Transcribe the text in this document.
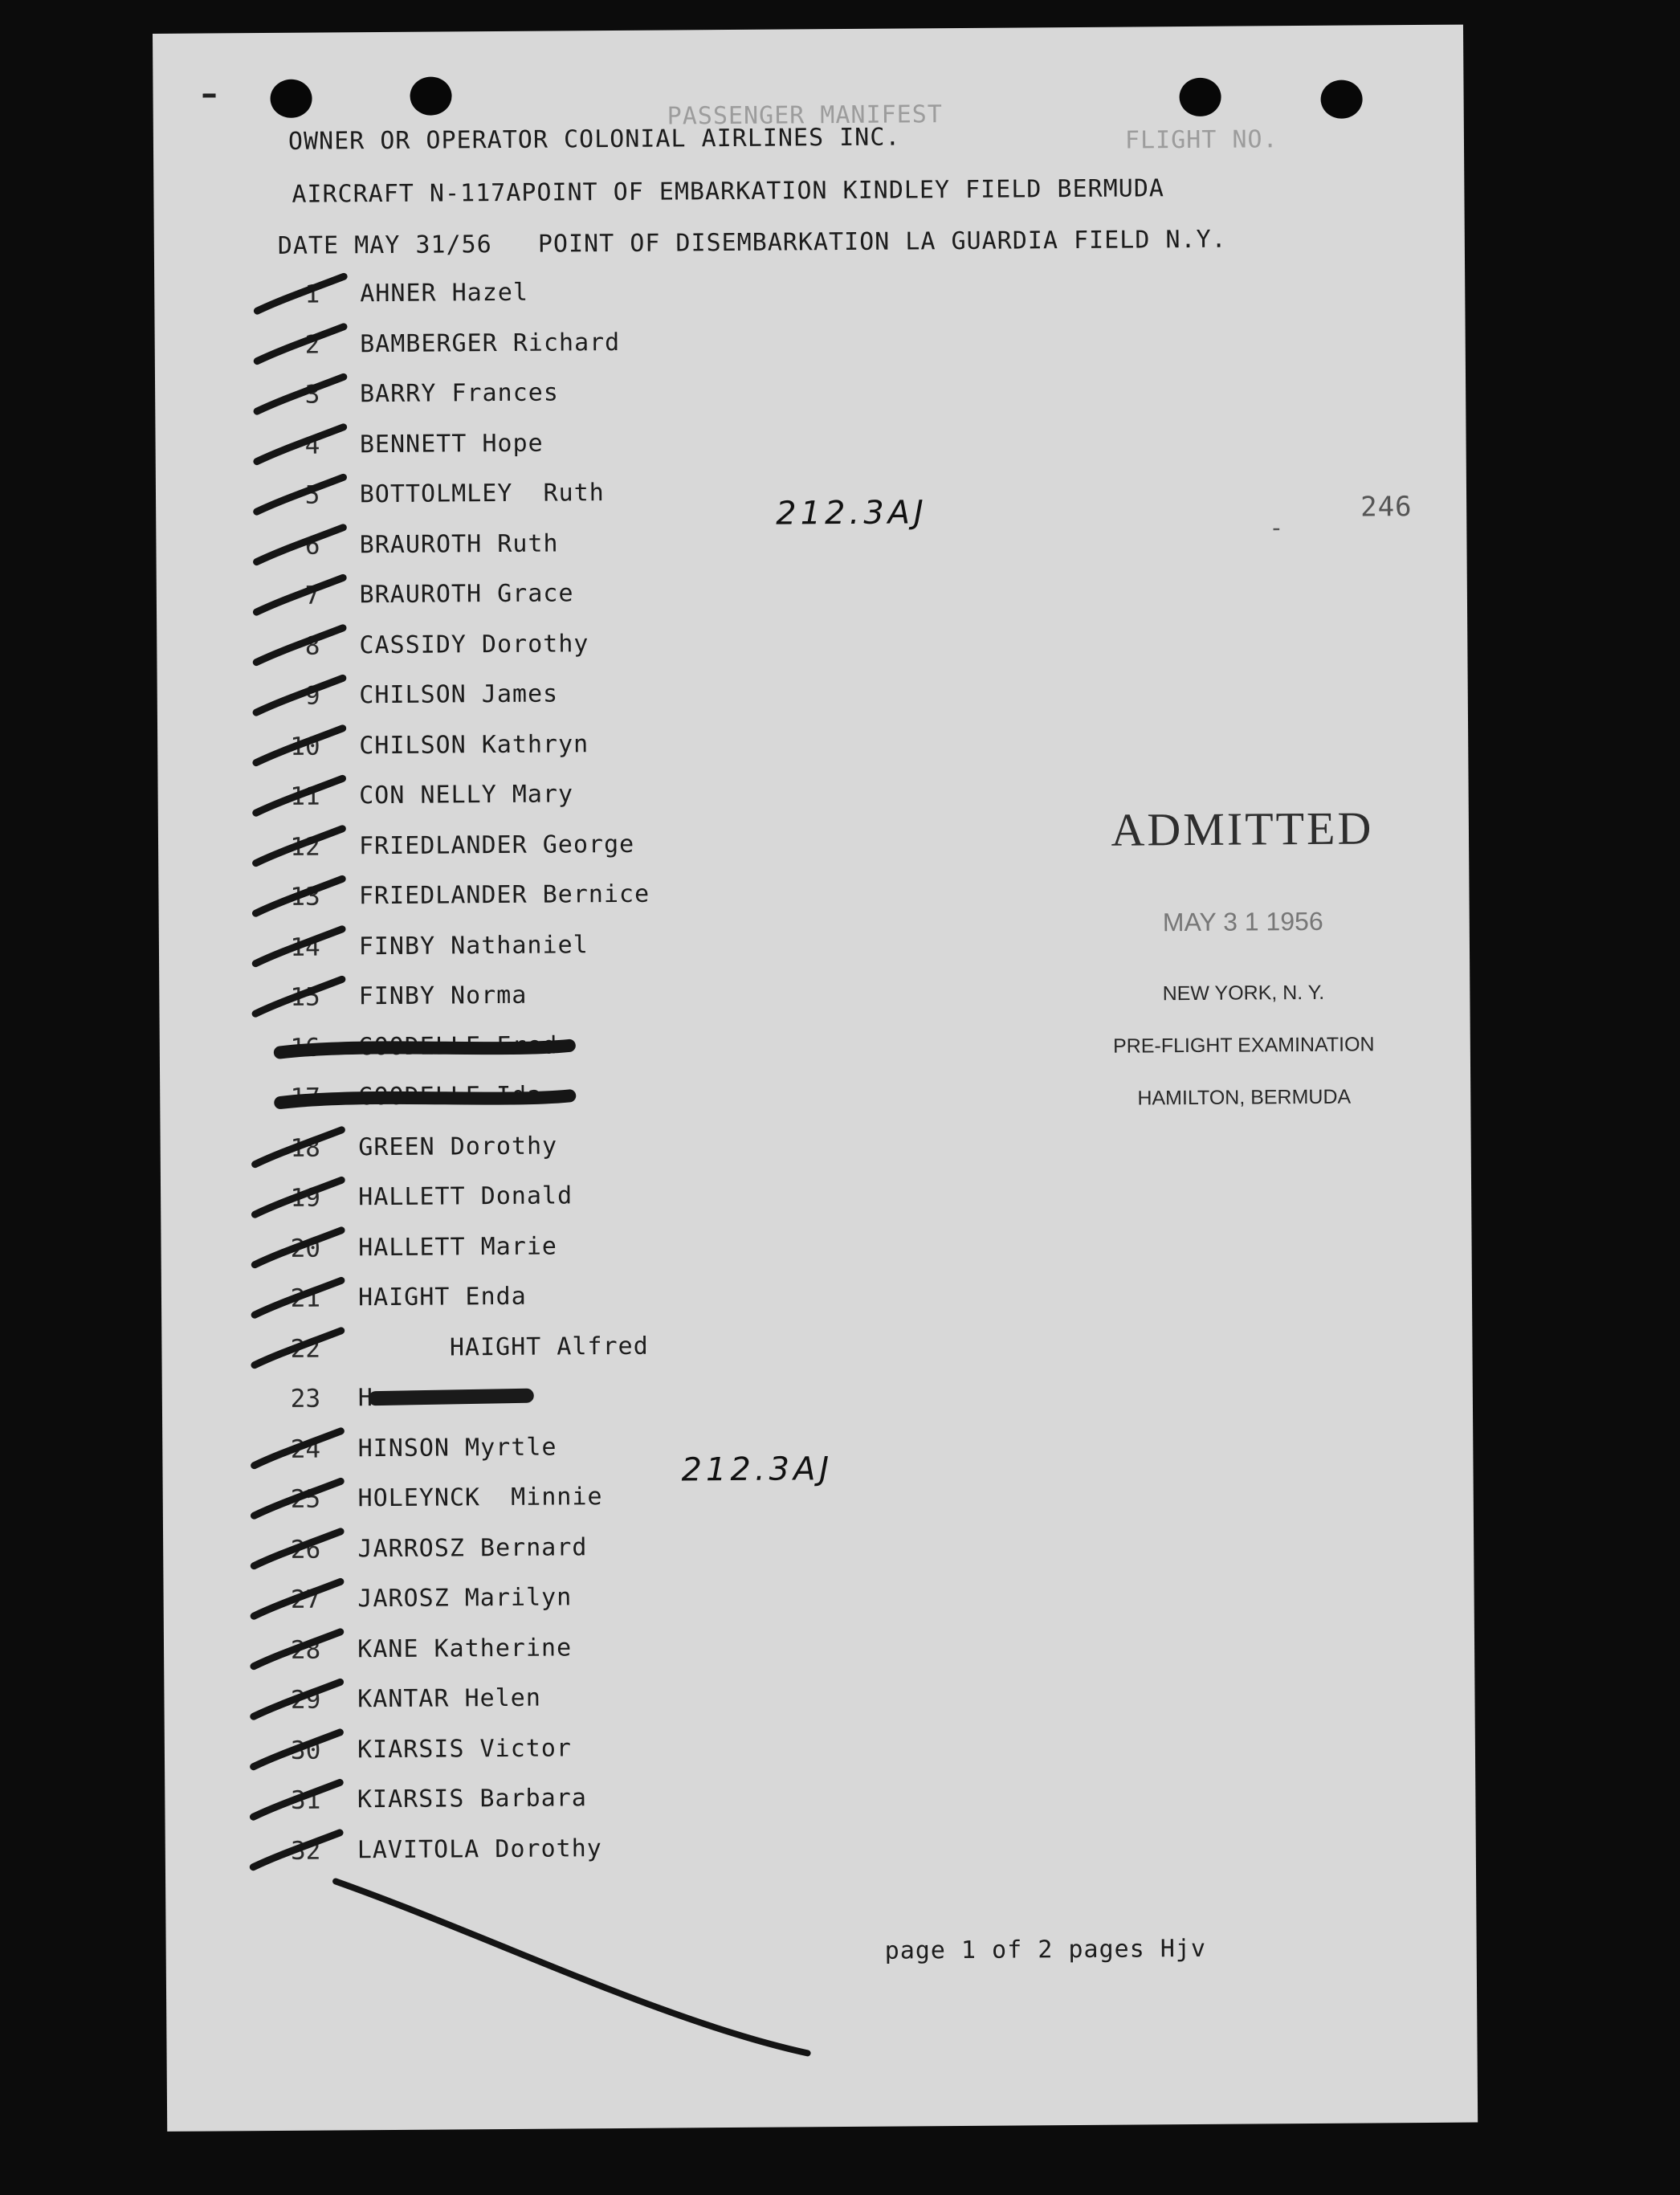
PASSENGER MANIFEST
OWNER OR OPERATOR COLONIAL AIRLINES INC.	FLIGHT NO.
AIRCRAFT N-117APOINT OF EMBARKATION KINDLEY FIELD BERMUDA
DATE MAY 31/56   POINT OF DISEMBARKATION LA GUARDIA FIELD N.Y.
246
-
212.3AJ
212.3AJ
1 AHNER Hazel
2 BAMBERGER Richard
3 BARRY Frances
4 BENNETT Hope
5 BOTTOLMLEY  Ruth
6 BRAUROTH Ruth
7 BRAUROTH Grace
8 CASSIDY Dorothy
9 CHILSON James
10 CHILSON Kathryn
11 CON NELLY Mary
12 FRIEDLANDER George
13 FRIEDLANDER Bernice
14 FINBY Nathaniel
15 FINBY Norma
16 GOODELLE Fred
17 GOODELLE Ida
18 GREEN Dorothy
19 HALLETT Donald
20 HALLETT Marie
21 HAIGHT Enda
22	HAIGHT Alfred
23 H
24 HINSON Myrtle
25 HOLEYNCK  Minnie
26 JARROSZ Bernard
27 JAROSZ Marilyn
28 KANE Katherine
29 KANTAR Helen
30 KIARSIS Victor
31 KIARSIS Barbara
32 LAVITOLA Dorothy

ADMITTED

MAY 3 1 1956

NEW YORK, N. Y.

PRE-FLIGHT EXAMINATION

HAMILTON, BERMUDA

page 1 of 2 pages Hjv
